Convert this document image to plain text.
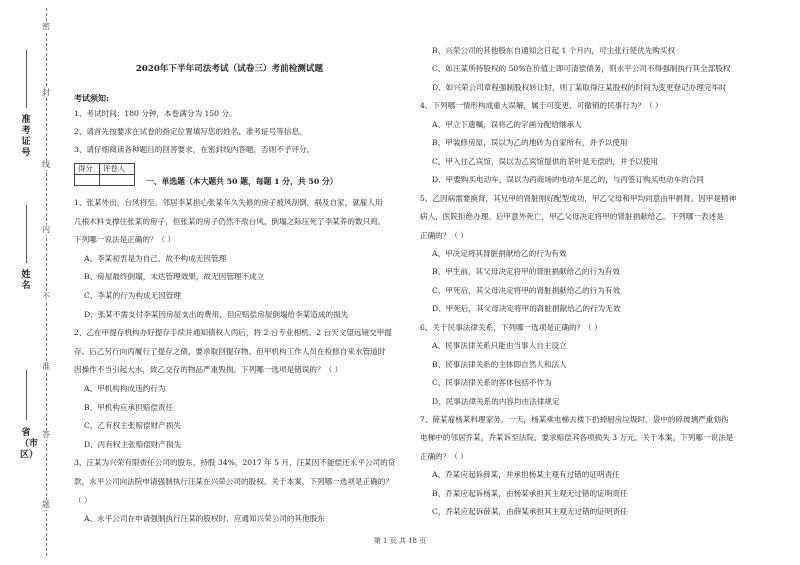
密
封
线
内
不
准
答
题
准考证号
姓名
省（市区）
2020年下半年司法考试（试卷三）考前检测试题
考试须知:
1、考试时间：180 分钟，本卷满分为 150 分。
2、请首先按要求在试卷的指定位置填写您的姓名、准考证号等信息。
3、请仔细阅读各种题目的回答要求，在密封线内答题，否则不予评分。
得分	评卷人

一、单选题（本大题共 50 题，每题 1 分，共 50 分）
1、张某外出，台风将至。邻居李某担心张某年久失修的房子被风刮倒，祸及自家，就雇人用
几根木料支撑住张某的房子，但张某的房子仍然不敌台风，倒塌之际压死了李某养的数只鸡。
下列哪一说法是正确的？（ ）
A、李某初衷是为自己，故不构成无因管理
B、房屋最终倒塌，未达管理效果，故无因管理不成立
C、李某的行为构成无因管理
D、张某不需支付李某因房屋支出的费用，但应赔偿房屋倒塌给李某造成的损失
2、乙在甲提存机构办好提存手续并通知债权人丙后，将 2 台专业相机、2 台天文望远镜交甲提
存。后乙另行向丙履行了提存之债，要求取回提存物。但甲机构工作人员在检修自来水管道时
因操作不当引起大水，致乙交存的物品严重毁损。下列哪一选项是错误的？（ ）
A、甲机构构成违约行为
B、甲机构应承担赔偿责任
C、乙有权主张赔偿财产损失
D、丙有权主张赔偿财产损失
3、汪某为兴荣有限责任公司的股东，持股 34%。2017 年 5 月，汪某因不能偿还永平公司的贷
款，永平公司向法院申请强制执行汪某在兴荣公司的股权。关于本案，下列哪一选项是正确的？
（ ）
A、永平公司在申请强制执行汪某的股权时，应通知兴荣公司的其他股东
B、兴荣公司的其他股东自通知之日起 1 个月内，可主张行使优先购买权
C、如汪某所持股权的 50%在价值上即可清偿债务，则永平公司不得强制执行其全部股权
D、如兴荣公司章程强制股权转让时，则丁某取得汪某股权的时间为变更登记办理完毕时
4、下列哪一情形构成重大误解，属于可变更、可撤销的民事行为？（ ）
A、甲立下遗嘱，误将乙的字画分配给继承人
B、甲装修房屋，误以为乙的地砖为自家所有，并予以使用
C、甲入住乙宾馆，误以为乙宾馆提供的茶叶是无偿的，并予以使用
D、甲要购买电动车，误以为丙商场的电动车是乙的，与丙签订购买电动车的合同
5、乙因病需要换肾，其兄甲的肾脏刚好配型成功，甲乙父母和甲均同意由甲捐肾。因甲是精神
病人，医院拒绝办理。后甲意外死亡，甲乙父母决定将甲的肾脏捐献给乙。下列哪一表述是
正确的？（ ）
A、甲决定将其肾脏捐献给乙的行为有效
B、甲生前，其父母决定将甲的肾脏捐献给乙的行为有效
C、甲死后，其父母决定将甲的肾脏捐献给乙的行为有效
D、甲死后，其父母决定将甲的肾脏捐献给乙的行为无效
6、关于民事法律关系，下列哪一选项是正确的？（ ）
A、民事法律关系只能由当事人自主设立
B、民事法律关系的主体即自然人和法人
C、民事法律关系的客体包括不作为
D、民事法律关系的内容均由法律规定
7、薛某雇杨某料理家务，一天，杨某乘电梯去楼下扔掉厨房垃圾时，袋中的碎玻璃严重划伤
电梯中的邻居乔某，乔某诉至法院，要求赔偿其各项损失 3 万元。关于本案，下列哪一说法是
正确的？（ ）
A、乔某应起诉薛某，并承担杨某主观有过错的证明责任
B、乔某应起诉杨某，由杨某承担其主观无过错的证明责任
C、乔某应起诉薛某，由薛某承担其主观无过错的证明责任
第 1 页 共 18 页
